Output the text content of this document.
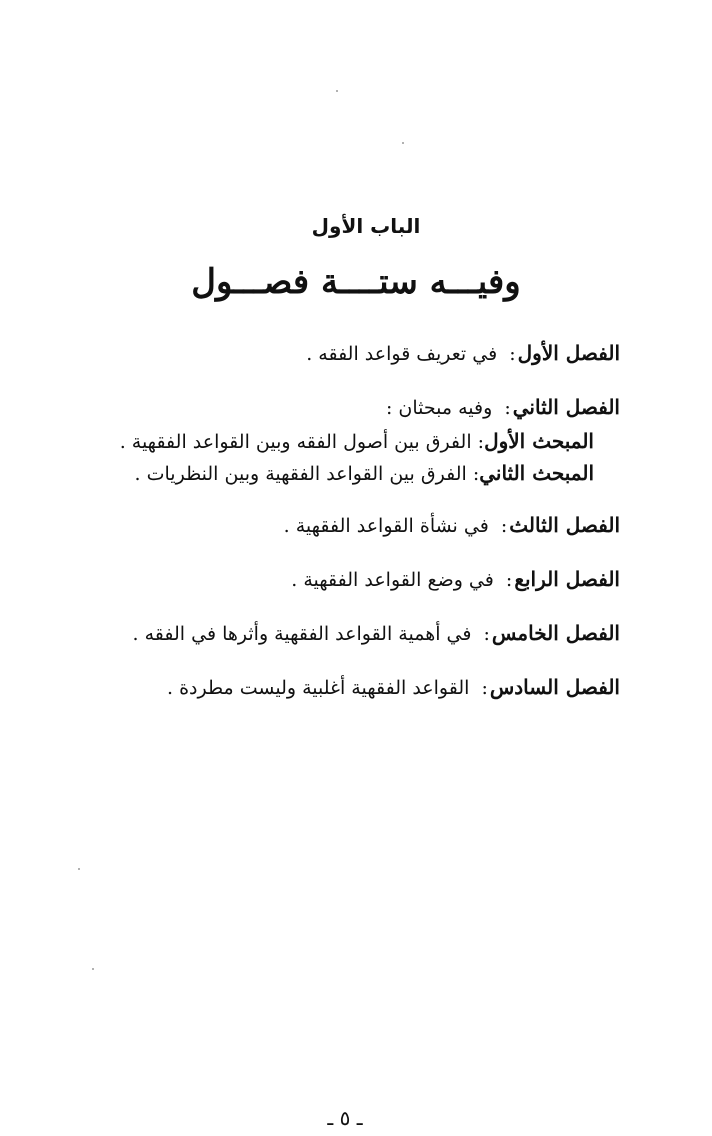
الباب الأول
وفيـــه ستــــة فصـــول
الفصل الأول: في تعريف قواعد الفقه .
الفصل الثاني: وفيه مبحثان :
المبحث الأول: الفرق بين أصول الفقه وبين القواعد الفقهية .
المبحث الثاني: الفرق بين القواعد الفقهية وبين النظريات .
الفصل الثالث: في نشأة القواعد الفقهية .
الفصل الرابع: في وضع القواعد الفقهية .
الفصل الخامس: في أهمية القواعد الفقهية وأثرها في الفقه .
الفصل السادس: القواعد الفقهية أغلبية وليست مطردة .
ـ ٥ ـ
